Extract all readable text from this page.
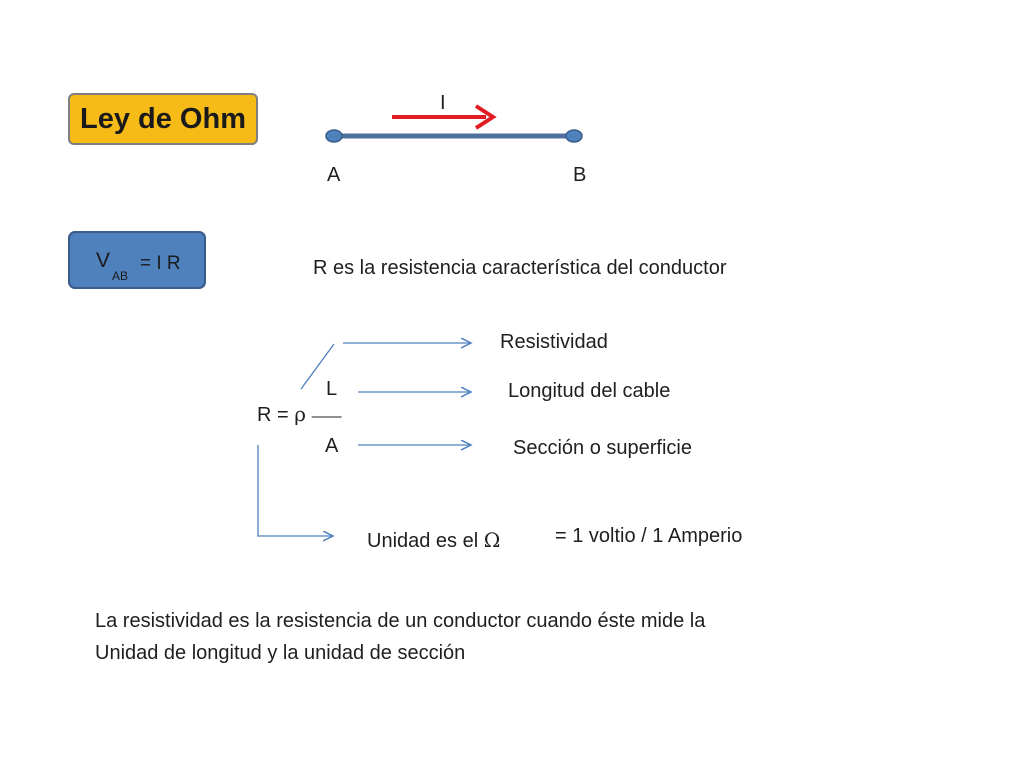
Ley de Ohm	I
A	B
V
AB
= I R	R es la resistencia característica del conductor
R = ρ ——
L
A
Resistividad
Longitud del cable
Sección o superficie
Unidad es el Ω	= 1 voltio / 1 Amperio
La resistividad es la resistencia de un conductor cuando éste mide la
Unidad de longitud y la unidad de sección
